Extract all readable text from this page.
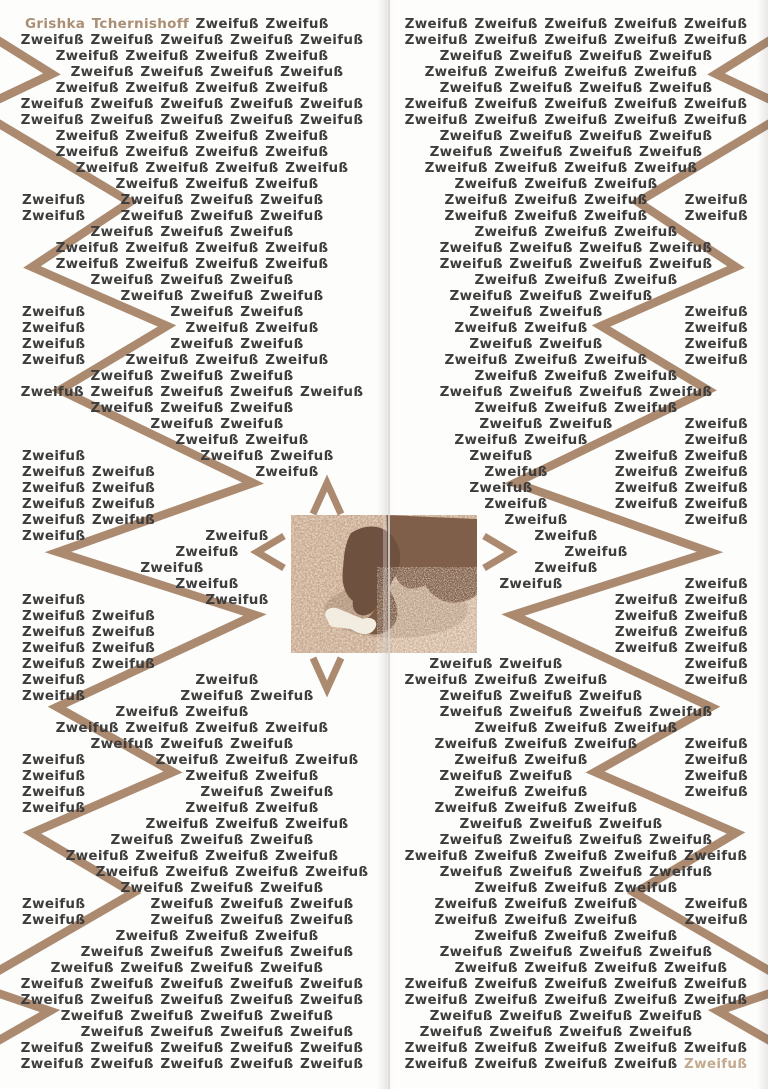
Grishka Tchernishoff Zweifuß Zweifuß
Zweifuß Zweifuß Zweifuß Zweifuß Zweifuß
Zweifuß Zweifuß Zweifuß Zweifuß
Zweifuß Zweifuß Zweifuß Zweifuß
Zweifuß Zweifuß Zweifuß Zweifuß
Zweifuß Zweifuß Zweifuß Zweifuß Zweifuß
Zweifuß Zweifuß Zweifuß Zweifuß Zweifuß
Zweifuß Zweifuß Zweifuß Zweifuß
Zweifuß Zweifuß Zweifuß Zweifuß
Zweifuß Zweifuß Zweifuß Zweifuß
Zweifuß Zweifuß Zweifuß
Zweifuß	Zweifuß Zweifuß Zweifuß
Zweifuß	Zweifuß Zweifuß Zweifuß
Zweifuß Zweifuß Zweifuß
Zweifuß Zweifuß Zweifuß Zweifuß
Zweifuß Zweifuß Zweifuß Zweifuß
Zweifuß Zweifuß Zweifuß
Zweifuß Zweifuß Zweifuß
Zweifuß	Zweifuß Zweifuß
Zweifuß	Zweifuß Zweifuß
Zweifuß	Zweifuß Zweifuß
Zweifuß	Zweifuß Zweifuß Zweifuß
Zweifuß Zweifuß Zweifuß
Zweifuß Zweifuß Zweifuß Zweifuß Zweifuß
Zweifuß Zweifuß Zweifuß
Zweifuß Zweifuß
Zweifuß Zweifuß
Zweifuß	Zweifuß Zweifuß
Zweifuß Zweifuß	Zweifuß
Zweifuß Zweifuß
Zweifuß Zweifuß
Zweifuß Zweifuß
Zweifuß	Zweifuß
Zweifuß
Zweifuß
Zweifuß
Zweifuß	Zweifuß
Zweifuß Zweifuß
Zweifuß Zweifuß
Zweifuß Zweifuß
Zweifuß Zweifuß
Zweifuß	Zweifuß
Zweifuß	Zweifuß Zweifuß
Zweifuß Zweifuß
Zweifuß Zweifuß Zweifuß Zweifuß
Zweifuß Zweifuß Zweifuß
Zweifuß	Zweifuß Zweifuß Zweifuß
Zweifuß	Zweifuß Zweifuß
Zweifuß	Zweifuß Zweifuß
Zweifuß	Zweifuß Zweifuß
Zweifuß Zweifuß Zweifuß
Zweifuß Zweifuß Zweifuß
Zweifuß Zweifuß Zweifuß Zweifuß
Zweifuß Zweifuß Zweifuß Zweifuß
Zweifuß Zweifuß Zweifuß
Zweifuß	Zweifuß Zweifuß Zweifuß
Zweifuß	Zweifuß Zweifuß Zweifuß
Zweifuß Zweifuß Zweifuß
Zweifuß Zweifuß Zweifuß Zweifuß
Zweifuß Zweifuß Zweifuß Zweifuß
Zweifuß Zweifuß Zweifuß Zweifuß Zweifuß
Zweifuß Zweifuß Zweifuß Zweifuß Zweifuß
Zweifuß Zweifuß Zweifuß Zweifuß
Zweifuß Zweifuß Zweifuß Zweifuß
Zweifuß Zweifuß Zweifuß Zweifuß Zweifuß
Zweifuß Zweifuß Zweifuß Zweifuß Zweifuß
Zweifuß Zweifuß Zweifuß Zweifuß Zweifuß
Zweifuß Zweifuß Zweifuß Zweifuß Zweifuß
Zweifuß Zweifuß Zweifuß Zweifuß
Zweifuß Zweifuß Zweifuß Zweifuß
Zweifuß Zweifuß Zweifuß Zweifuß
Zweifuß Zweifuß Zweifuß Zweifuß Zweifuß
Zweifuß Zweifuß Zweifuß Zweifuß Zweifuß
Zweifuß Zweifuß Zweifuß Zweifuß
Zweifuß Zweifuß Zweifuß Zweifuß
Zweifuß Zweifuß Zweifuß Zweifuß
Zweifuß Zweifuß Zweifuß
Zweifuß Zweifuß Zweifuß	Zweifuß
Zweifuß Zweifuß Zweifuß	Zweifuß
Zweifuß Zweifuß Zweifuß
Zweifuß Zweifuß Zweifuß Zweifuß
Zweifuß Zweifuß Zweifuß Zweifuß
Zweifuß Zweifuß Zweifuß
Zweifuß Zweifuß Zweifuß
Zweifuß Zweifuß	Zweifuß
Zweifuß Zweifuß	Zweifuß
Zweifuß Zweifuß	Zweifuß
Zweifuß Zweifuß Zweifuß	Zweifuß
Zweifuß Zweifuß Zweifuß
Zweifuß Zweifuß Zweifuß Zweifuß
Zweifuß Zweifuß Zweifuß
Zweifuß Zweifuß	Zweifuß
Zweifuß Zweifuß	Zweifuß
Zweifuß	Zweifuß Zweifuß
Zweifuß	Zweifuß Zweifuß
Zweifuß	Zweifuß Zweifuß
Zweifuß	Zweifuß Zweifuß
Zweifuß	Zweifuß
Zweifuß
Zweifuß
Zweifuß
Zweifuß	Zweifuß
Zweifuß Zweifuß
Zweifuß Zweifuß
Zweifuß Zweifuß
Zweifuß Zweifuß
Zweifuß Zweifuß	Zweifuß
Zweifuß Zweifuß Zweifuß	Zweifuß
Zweifuß Zweifuß Zweifuß
Zweifuß Zweifuß Zweifuß Zweifuß
Zweifuß Zweifuß Zweifuß
Zweifuß Zweifuß Zweifuß	Zweifuß
Zweifuß Zweifuß	Zweifuß
Zweifuß Zweifuß	Zweifuß
Zweifuß Zweifuß	Zweifuß
Zweifuß Zweifuß Zweifuß
Zweifuß Zweifuß Zweifuß
Zweifuß Zweifuß Zweifuß Zweifuß
Zweifuß Zweifuß Zweifuß Zweifuß Zweifuß
Zweifuß Zweifuß Zweifuß Zweifuß
Zweifuß Zweifuß Zweifuß
Zweifuß Zweifuß Zweifuß	Zweifuß
Zweifuß Zweifuß Zweifuß	Zweifuß
Zweifuß Zweifuß Zweifuß
Zweifuß Zweifuß Zweifuß Zweifuß
Zweifuß Zweifuß Zweifuß Zweifuß
Zweifuß Zweifuß Zweifuß Zweifuß Zweifuß
Zweifuß Zweifuß Zweifuß Zweifuß Zweifuß
Zweifuß Zweifuß Zweifuß Zweifuß
Zweifuß Zweifuß Zweifuß Zweifuß
Zweifuß Zweifuß Zweifuß Zweifuß Zweifuß
Zweifuß Zweifuß Zweifuß Zweifuß Zweifuß
